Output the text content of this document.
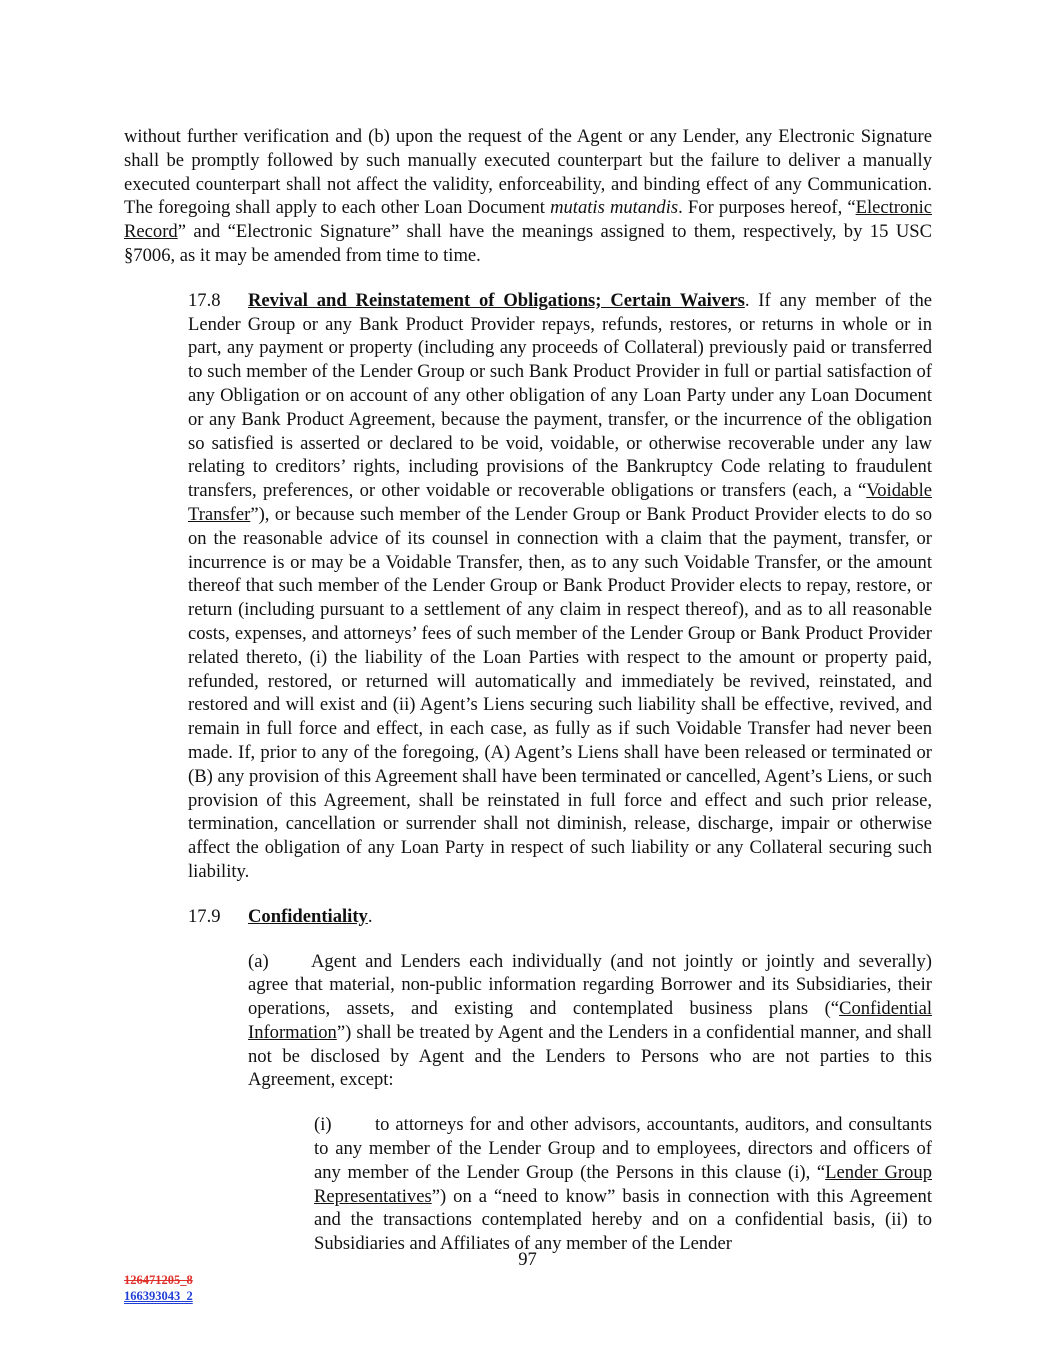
without further verification and (b) upon the request of the Agent or any Lender, any Electronic Signature shall be promptly followed by such manually executed counterpart but the failure to deliver a manually executed counterpart shall not affect the validity, enforceability, and binding effect of any Communication. The foregoing shall apply to each other Loan Document mutatis mutandis. For purposes hereof, “Electronic Record” and “Electronic Signature” shall have the meanings assigned to them, respectively, by 15 USC §7006, as it may be amended from time to time.

17.8 Revival and Reinstatement of Obligations; Certain Waivers. If any member of the Lender Group or any Bank Product Provider repays, refunds, restores, or returns in whole or in part, any payment or property (including any proceeds of Collateral) previously paid or transferred to such member of the Lender Group or such Bank Product Provider in full or partial satisfaction of any Obligation or on account of any other obligation of any Loan Party under any Loan Document or any Bank Product Agreement, because the payment, transfer, or the incurrence of the obligation so satisfied is asserted or declared to be void, voidable, or otherwise recoverable under any law relating to creditors’ rights, including provisions of the Bankruptcy Code relating to fraudulent transfers, preferences, or other voidable or recoverable obligations or transfers (each, a “Voidable Transfer”), or because such member of the Lender Group or Bank Product Provider elects to do so on the reasonable advice of its counsel in connection with a claim that the payment, transfer, or incurrence is or may be a Voidable Transfer, then, as to any such Voidable Transfer, or the amount thereof that such member of the Lender Group or Bank Product Provider elects to repay, restore, or return (including pursuant to a settlement of any claim in respect thereof), and as to all reasonable costs, expenses, and attorneys’ fees of such member of the Lender Group or Bank Product Provider related thereto, (i) the liability of the Loan Parties with respect to the amount or property paid, refunded, restored, or returned will automatically and immediately be revived, reinstated, and restored and will exist and (ii) Agent’s Liens securing such liability shall be effective, revived, and remain in full force and effect, in each case, as fully as if such Voidable Transfer had never been made. If, prior to any of the foregoing, (A) Agent’s Liens shall have been released or terminated or (B) any provision of this Agreement shall have been terminated or cancelled, Agent’s Liens, or such provision of this Agreement, shall be reinstated in full force and effect and such prior release, termination, cancellation or surrender shall not diminish, release, discharge, impair or otherwise affect the obligation of any Loan Party in respect of such liability or any Collateral securing such liability.

17.9 Confidentiality.

(a) Agent and Lenders each individually (and not jointly or jointly and severally) agree that material, non-public information regarding Borrower and its Subsidiaries, their operations, assets, and existing and contemplated business plans (“Confidential Information”) shall be treated by Agent and the Lenders in a confidential manner, and shall not be disclosed by Agent and the Lenders to Persons who are not parties to this Agreement, except:

(i) to attorneys for and other advisors, accountants, auditors, and consultants to any member of the Lender Group and to employees, directors and officers of any member of the Lender Group (the Persons in this clause (i), “Lender Group Representatives”) on a “need to know” basis in connection with this Agreement and the transactions contemplated hereby and on a confidential basis, (ii) to Subsidiaries and Affiliates of any member of the Lender

97
126471205_8
166393043_2
